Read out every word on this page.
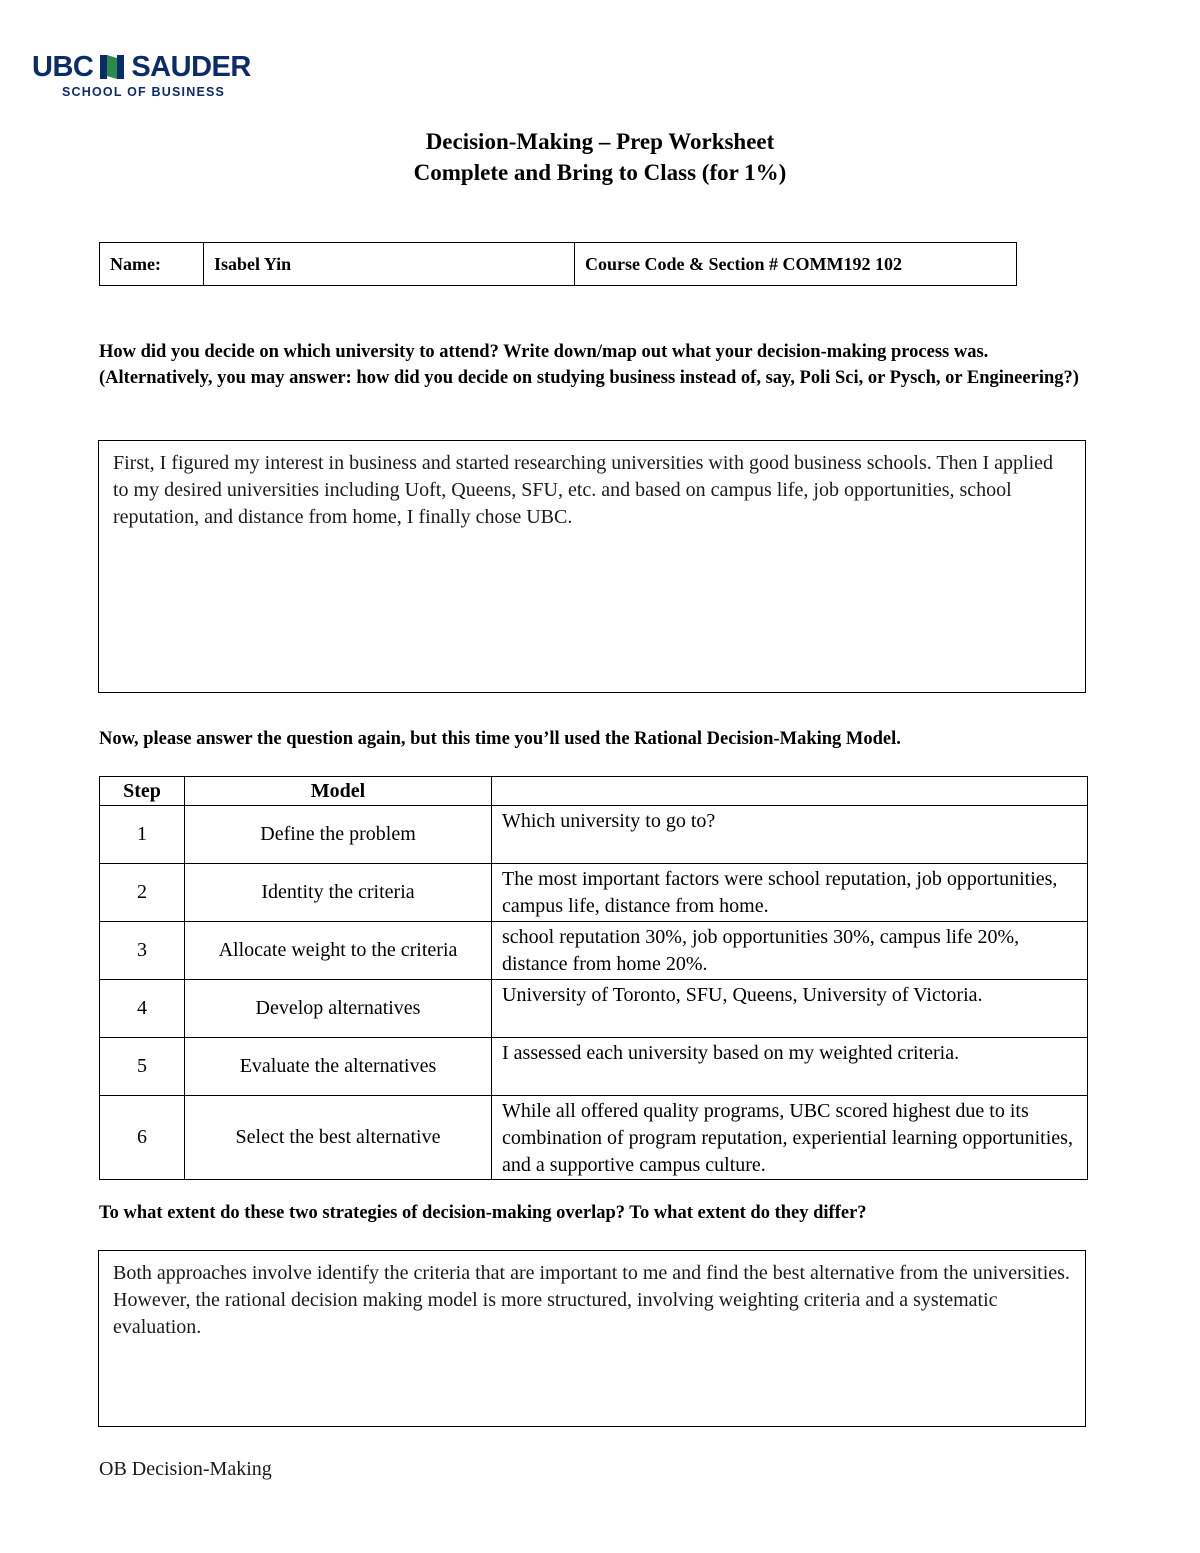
UBC SAUDER
SCHOOL OF BUSINESS
Decision-Making – Prep Worksheet
Complete and Bring to Class (for 1%)
Name:	Isabel Yin	Course Code & Section # COMM192 102
How did you decide on which university to attend? Write down/map out what your decision-making process was. (Alternatively, you may answer: how did you decide on studying business instead of, say, Poli Sci, or Pysch, or Engineering?)
First, I figured my interest in business and started researching universities with good business schools. Then I applied to my desired universities including Uoft, Queens, SFU, etc. and based on campus life, job opportunities, school reputation, and distance from home, I finally chose UBC.
Now, please answer the question again, but this time you’ll used the Rational Decision-Making Model.
Step	Model	
1	Define the problem	Which university to go to?
2	Identity the criteria	The most important factors were school reputation, job opportunities, campus life, distance from home.
3	Allocate weight to the criteria	school reputation 30%, job opportunities 30%, campus life 20%, distance from home 20%.
4	Develop alternatives	University of Toronto, SFU, Queens, University of Victoria.
5	Evaluate the alternatives	I assessed each university based on my weighted criteria.
6	Select the best alternative	While all offered quality programs, UBC scored highest due to its combination of program reputation, experiential learning opportunities, and a supportive campus culture.
To what extent do these two strategies of decision-making overlap? To what extent do they differ?
Both approaches involve identify the criteria that are important to me and find the best alternative from the universities. However, the rational decision making model is more structured, involving weighting criteria and a systematic evaluation.
OB Decision-Making
